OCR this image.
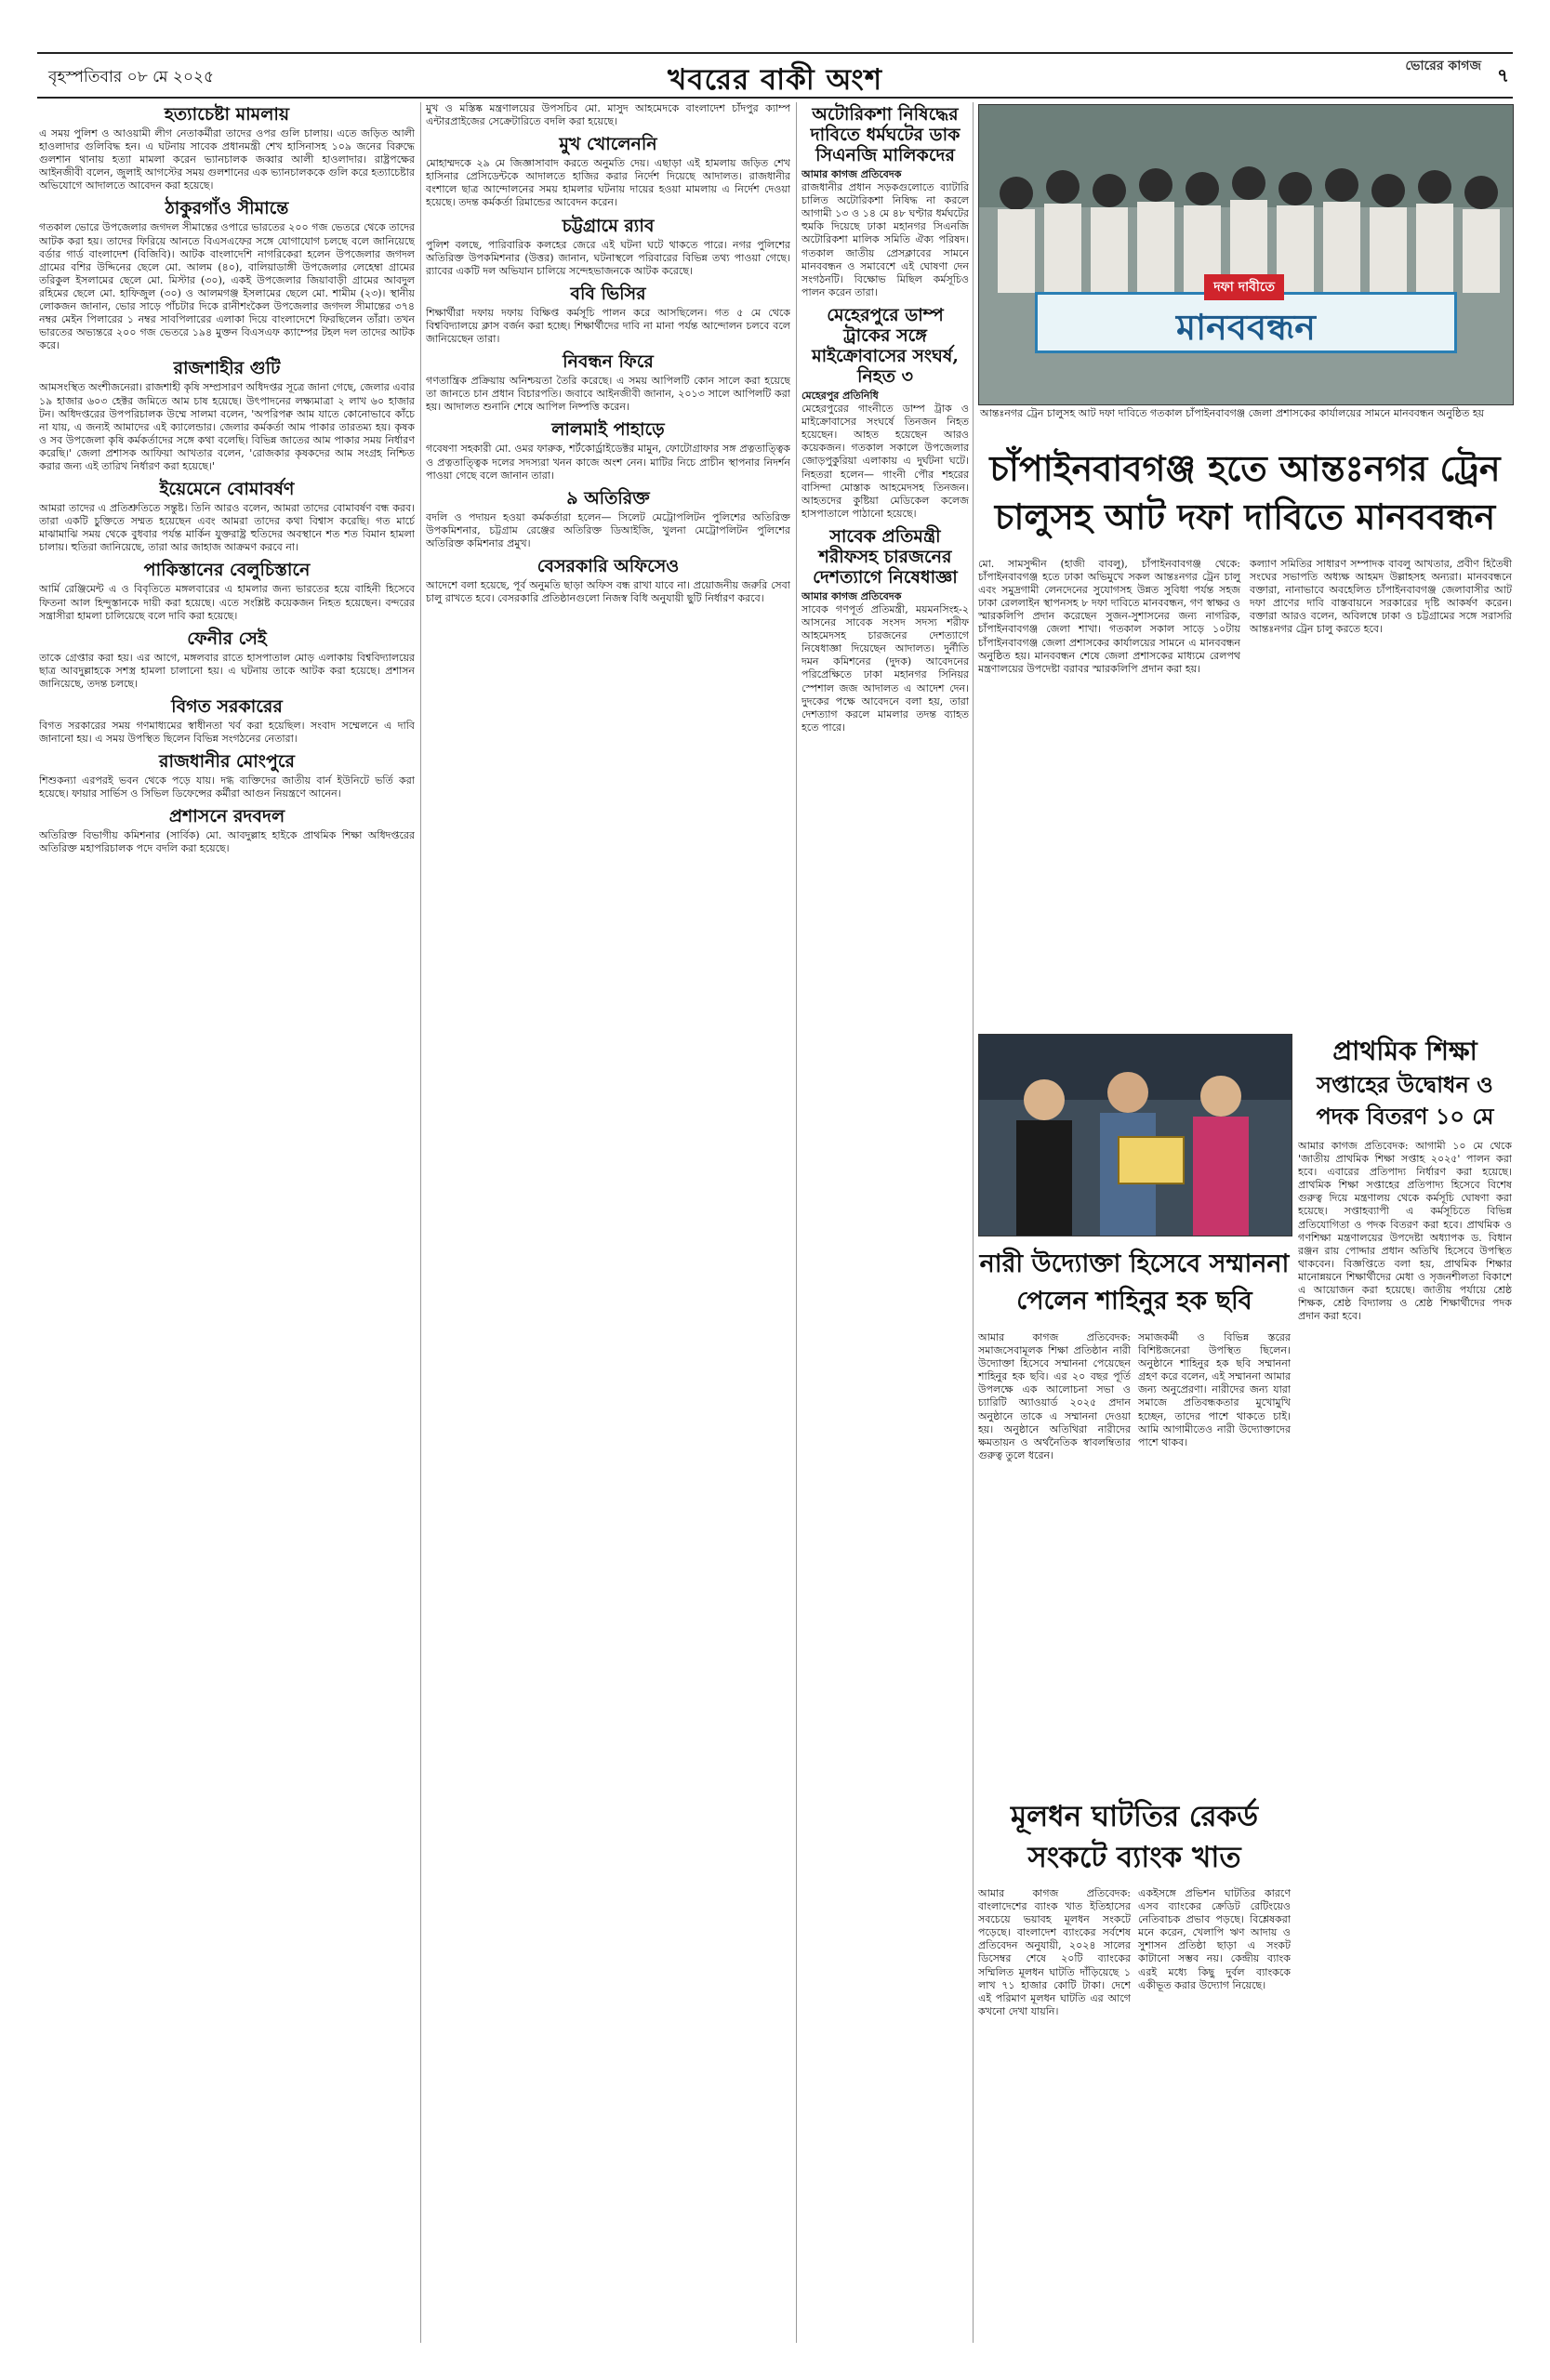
বৃহস্পতিবার ০৮ মে ২০২৫	খবরের বাকী অংশ	ভোরের কাগজ ৭
হত্যাচেষ্টা মামলায়

এ সময় পুলিশ ও আওয়ামী লীগ নেতাকর্মীরা তাদের ওপর গুলি চালায়। এতে জড়িত আলী হাওলাদার গুলিবিদ্ধ হন। এ ঘটনায় সাবেক প্রধানমন্ত্রী শেখ হাসিনাসহ ১০৯ জনের বিরুদ্ধে গুলশান থানায় হত্যা মামলা করেন ভ্যানচালক জব্বার আলী হাওলাদার। রাষ্ট্রপক্ষের আইনজীবী বলেন, জুলাই আগস্টের সময় গুলশানের এক ভ্যানচালককে গুলি করে হত্যাচেষ্টার অভিযোগে আদালতে আবেদন করা হয়েছে।

ঠাকুরগাঁও সীমান্তে

গতকাল ভোরে উপজেলার জগদল সীমান্তের ওপারে ভারতের ২০০ গজ ভেতরে থেকে তাদের আটক করা হয়। তাদের ফিরিয়ে আনতে বিএসএফের সঙ্গে যোগাযোগ চলছে বলে জানিয়েছে বর্ডার গার্ড বাংলাদেশ (বিজিবি)। আটক বাংলাদেশি নাগরিকেরা হলেন উপজেলার জগদল গ্রামের বশির উদ্দিনের ছেলে মো. আলম (৪০), বালিয়াডাঙ্গী উপজেলার লেহেম্বা গ্রামের তরিকুল ইসলামের ছেলে মো. মিস্টার (৩০), একই উপজেলার জিয়াবাড়ী গ্রামের আবদুল রহিমের ছেলে মো. হাফিজুল (৩০) ও আলমগঞ্জ ইসলামের ছেলে মো. শামীম (২৩)। স্থানীয় লোকজন জানান, ভোর সাড়ে পাঁচটার দিকে রানীশংকৈল উপজেলার জগদল সীমান্তের ৩৭৪ নম্বর মেইন পিলারের ১ নম্বর সাবপিলারের এলাকা দিয়ে বাংলাদেশে ফিরছিলেন তাঁরা। তখন ভারতের অভ্যন্তরে ২০০ গজ ভেতরে ১৯৪ মুক্তন বিএসএফ ক্যাম্পের টহল দল তাদের আটক করে।

রাজশাহীর গুটি

আমসংস্থিত অংশীজনেরা। রাজশাহী কৃষি সম্প্রসারণ অধিদপ্তর সূত্রে জানা গেছে, জেলার এবার ১৯ হাজার ৬০৩ হেক্টর জমিতে আম চাষ হয়েছে। উৎপাদনের লক্ষ্যমাত্রা ২ লাখ ৬০ হাজার টন। অধিদপ্তরের উপপরিচালক উম্মে সালমা বলেন, 'অপরিপক্ব আম যাতে কোনোভাবে কাঁচে না যায়, এ জন্যই আমাদের এই ক্যালেন্ডার। জেলার কর্মকর্তা আম পাকার তারতম্য হয়। কৃষক ও সব উপজেলা কৃষি কর্মকর্তাদের সঙ্গে কথা বলেছি। বিভিন্ন জাতের আম পাকার সময় নির্ধারণ করেছি।' জেলা প্রশাসক আফিয়া আখতার বলেন, 'রোজকার কৃষকদের আম সংগ্রহ নিশ্চিত করার জন্য এই তারিখ নির্ধারণ করা হয়েছে।'

ইয়েমেনে বোমাবর্ষণ

আমরা তাদের এ প্রতিশ্রুতিতে সন্তুষ্ট। তিনি আরও বলেন, আমরা তাদের বোমাবর্ষণ বন্ধ করব। তারা একটি চুক্তিতে সম্মত হয়েছেন এবং আমরা তাদের কথা বিশ্বাস করেছি। গত মার্চে মাঝামাঝি সময় থেকে বুধবার পর্যন্ত মার্কিন যুক্তরাষ্ট্র হুতিদের অবস্থানে শত শত বিমান হামলা চালায়। হুতিরা জানিয়েছে, তারা আর জাহাজ আক্রমণ করবে না।

পাকিস্তানের বেলুচিস্তানে

আর্মি রেঞ্জিমেন্ট এ ও বিবৃতিতে মঙ্গলবারের এ হামলার জন্য ভারতের হয়ে বাহিনী হিসেবে ফিতনা আল হিন্দুস্তানকে দায়ী করা হয়েছে। এতে সংশ্লিষ্ট কয়েকজন নিহত হয়েছেন। বন্দরের সন্ত্রাসীরা হামলা চালিয়েছে বলে দাবি করা হয়েছে।

ফেনীর সেই

তাকে গ্রেপ্তার করা হয়। এর আগে, মঙ্গলবার রাতে হাসপাতাল মোড় এলাকায় বিশ্ববিদ্যালয়ের ছাত্র আবদুল্লাহকে সশস্ত্র হামলা চালানো হয়। এ ঘটনায় তাকে আটক করা হয়েছে। প্রশাসন জানিয়েছে, তদন্ত চলছে।

বিগত সরকারের

বিগত সরকারের সময় গণমাধ্যমের স্বাধীনতা খর্ব করা হয়েছিল। সংবাদ সম্মেলনে এ দাবি জানানো হয়। এ সময় উপস্থিত ছিলেন বিভিন্ন সংগঠনের নেতারা।

রাজধানীর মোংপুরে

শিশুকন্যা এরপরই ভবন থেকে পড়ে যায়। দগ্ধ ব্যক্তিদের জাতীয় বার্ন ইউনিটে ভর্তি করা হয়েছে। ফায়ার সার্ভিস ও সিভিল ডিফেন্সের কর্মীরা আগুন নিয়ন্ত্রণে আনেন।

প্রশাসনে রদবদল

অতিরিক্ত বিভাগীয় কমিশনার (সার্বিক) মো. আবদুল্লাহ হাইকে প্রাথমিক শিক্ষা অধিদপ্তরের অতিরিক্ত মহাপরিচালক পদে বদলি করা হয়েছে।

মুখ ও মস্তিষ্ক মন্ত্রণালয়ের উপসচিব মো. মাসুদ আহমেদকে বাংলাদেশ চাঁদপুর ক্যাম্প এন্টারপ্রাইজের সেক্রেটারিতে বদলি করা হয়েছে।

মুখ খোলেননি

মোহাম্মদকে ২৯ মে জিজ্ঞাসাবাদ করতে অনুমতি দেয়। এছাড়া এই হামলায় জড়িত শেখ হাসিনার প্রেসিডেন্টকে আদালতে হাজির করার নির্দেশ দিয়েছে আদালত। রাজধানীর বংশালে ছাত্র আন্দোলনের সময় হামলার ঘটনায় দায়ের হওয়া মামলায় এ নির্দেশ দেওয়া হয়েছে। তদন্ত কর্মকর্তা রিমান্ডের আবেদন করেন।

চট্টগ্রামে র‍্যাব

পুলিশ বলছে, পারিবারিক কলহের জেরে এই ঘটনা ঘটে থাকতে পারে। নগর পুলিশের অতিরিক্ত উপকমিশনার (উত্তর) জানান, ঘটনাস্থলে পরিবারের বিভিন্ন তথ্য পাওয়া গেছে। র‍্যাবের একটি দল অভিযান চালিয়ে সন্দেহভাজনকে আটক করেছে।

ববি ভিসির

শিক্ষার্থীরা দফায় দফায় বিক্ষিপ্ত কর্মসূচি পালন করে আসছিলেন। গত ৫ মে থেকে বিশ্ববিদ্যালয়ে ক্লাস বর্জন করা হচ্ছে। শিক্ষার্থীদের দাবি না মানা পর্যন্ত আন্দোলন চলবে বলে জানিয়েছেন তারা।

নিবন্ধন ফিরে

গণতান্ত্রিক প্রক্রিয়ায় অনিশ্চয়তা তৈরি করেছে। এ সময় আপিলটি কোন সালে করা হয়েছে তা জানতে চান প্রধান বিচারপতি। জবাবে আইনজীবী জানান, ২০১৩ সালে আপিলটি করা হয়। আদালত শুনানি শেষে আপিল নিষ্পত্তি করেন।

লালমাই পাহাড়ে

গবেষণা সহকারী মো. ওমর ফারুক, শর্টকোর্ড্রাইডেক্টর মামুন, ফোটোগ্রাফার সঙ্গ প্রত্নতাত্ত্বিক ও প্রত্নতাত্ত্বিক দলের সদস্যরা খনন কাজে অংশ নেন। মাটির নিচে প্রাচীন স্থাপনার নিদর্শন পাওয়া গেছে বলে জানান তারা।

৯ অতিরিক্ত

বদলি ও পদায়ন হওয়া কর্মকর্তারা হলেন— সিলেট মেট্রোপলিটন পুলিশের অতিরিক্ত উপকমিশনার, চট্টগ্রাম রেঞ্জের অতিরিক্ত ডিআইজি, খুলনা মেট্রোপলিটন পুলিশের অতিরিক্ত কমিশনার প্রমুখ।

বেসরকারি অফিসেও

আদেশে বলা হয়েছে, পূর্ব অনুমতি ছাড়া অফিস বন্ধ রাখা যাবে না। প্রয়োজনীয় জরুরি সেবা চালু রাখতে হবে। বেসরকারি প্রতিষ্ঠানগুলো নিজস্ব বিধি অনুযায়ী ছুটি নির্ধারণ করবে।

অটোরিকশা নিষিদ্ধের দাবিতে ধর্মঘটের ডাক সিএনজি মালিকদের

আমার কাগজ প্রতিবেদক

রাজধানীর প্রধান সড়কগুলোতে ব্যাটারি চালিত অটোরিকশা নিষিদ্ধ না করলে আগামী ১৩ ও ১৪ মে ৪৮ ঘণ্টার ধর্মঘটের হুমকি দিয়েছে ঢাকা মহানগর সিএনজি অটোরিকশা মালিক সমিতি ঐক্য পরিষদ। গতকাল জাতীয় প্রেসক্লাবের সামনে মানববন্ধন ও সমাবেশে এই ঘোষণা দেন সংগঠনটি। বিক্ষোভ মিছিল কর্মসূচিও পালন করেন তারা।

মেহেরপুরে ডাম্প ট্রাকের সঙ্গে মাইক্রোবাসের সংঘর্ষ, নিহত ৩

মেহেরপুর প্রতিনিধি

মেহেরপুরের গাংনীতে ডাম্প ট্রাক ও মাইক্রোবাসের সংঘর্ষে তিনজন নিহত হয়েছেন। আহত হয়েছেন আরও কয়েকজন। গতকাল সকালে উপজেলার জোড়পুকুরিয়া এলাকায় এ দুর্ঘটনা ঘটে। নিহতরা হলেন— গাংনী পৌর শহরের বাসিন্দা মোস্তাক আহমেদসহ তিনজন। আহতদের কুষ্টিয়া মেডিকেল কলেজ হাসপাতালে পাঠানো হয়েছে।

সাবেক প্রতিমন্ত্রী শরীফসহ চারজনের দেশত্যাগে নিষেধাজ্ঞা

আমার কাগজ প্রতিবেদক

সাবেক গণপূর্ত প্রতিমন্ত্রী, ময়মনসিংহ-২ আসনের সাবেক সংসদ সদস্য শরীফ আহমেদসহ চারজনের দেশত্যাগে নিষেধাজ্ঞা দিয়েছেন আদালত। দুর্নীতি দমন কমিশনের (দুদক) আবেদনের পরিপ্রেক্ষিতে ঢাকা মহানগর সিনিয়র স্পেশাল জজ আদালত এ আদেশ দেন। দুদকের পক্ষে আবেদনে বলা হয়, তারা দেশত্যাগ করলে মামলার তদন্ত ব্যাহত হতে পারে।

দফা দাবীতে
মানববন্ধন
আন্তঃনগর ট্রেন চালুসহ আট দফা দাবিতে গতকাল চাঁপাইনবাবগঞ্জ জেলা প্রশাসকের কার্যালয়ের সামনে মানববন্ধন অনুষ্ঠিত হয়
চাঁপাইনবাবগঞ্জ হতে আন্তঃনগর ট্রেন
চালুসহ আট দফা দাবিতে মানববন্ধন
মো. সামসুদ্দীন (হাজী বাবলু), চাঁপাইনবাবগঞ্জ থেকে: চাঁপাইনবাবগঞ্জ হতে ঢাকা অভিমুখে সকল আন্তঃনগর ট্রেন চালু এবং সমুদ্রগামী লেনদেনের সুযোগসহ উন্নত সুবিধা পর্যন্ত সহজ ঢাকা রেললাইন স্থাপনসহ ৮ দফা দাবিতে মানববন্ধন, গণ স্বাক্ষর ও স্মারকলিপি প্রদান করেছেন সুজন-সুশাসনের জন্য নাগরিক, চাঁপাইনবাবগঞ্জ জেলা শাখা। গতকাল সকাল সাড়ে ১০টায় চাঁপাইনবাবগঞ্জ জেলা প্রশাসকের কার্যালয়ের সামনে এ মানববন্ধন অনুষ্ঠিত হয়। মানববন্ধন শেষে জেলা প্রশাসকের মাধ্যমে রেলপথ মন্ত্রণালয়ের উপদেষ্টা বরাবর স্মারকলিপি প্রদান করা হয়।
কল্যাণ সমিতির সাধারণ সম্পাদক বাবলু আখতার, প্রবীণ হিতৈষী সংঘের সভাপতি অধ্যক্ষ আহমদ উল্লাহসহ অন্যরা। মানববন্ধনে বক্তারা, নানাভাবে অবহেলিত চাঁপাইনবাবগঞ্জ জেলাবাসীর আট দফা প্রাণের দাবি বাস্তবায়নে সরকারের দৃষ্টি আকর্ষণ করেন। বক্তারা আরও বলেন, অবিলম্বে ঢাকা ও চট্টগ্রামের সঙ্গে সরাসরি আন্তঃনগর ট্রেন চালু করতে হবে।
প্রাথমিক শিক্ষা
সপ্তাহের উদ্বোধন ও
পদক বিতরণ ১০ মে
আমার কাগজ প্রতিবেদক: আগামী ১০ মে থেকে 'জাতীয় প্রাথমিক শিক্ষা সপ্তাহ ২০২৫' পালন করা হবে। এবারের প্রতিপাদ্য নির্ধারণ করা হয়েছে। প্রাথমিক শিক্ষা সপ্তাহের প্রতিপাদ্য হিসেবে বিশেষ গুরুত্ব দিয়ে মন্ত্রণালয় থেকে কর্মসূচি ঘোষণা করা হয়েছে। সপ্তাহব্যাপী এ কর্মসূচিতে বিভিন্ন প্রতিযোগিতা ও পদক বিতরণ করা হবে। প্রাথমিক ও গণশিক্ষা মন্ত্রণালয়ের উপদেষ্টা অধ্যাপক ড. বিধান রঞ্জন রায় পোদ্দার প্রধান অতিথি হিসেবে উপস্থিত থাকবেন। বিজ্ঞপ্তিতে বলা হয়, প্রাথমিক শিক্ষার মানোন্নয়নে শিক্ষার্থীদের মেধা ও সৃজনশীলতা বিকাশে এ আয়োজন করা হয়েছে। জাতীয় পর্যায়ে শ্রেষ্ঠ শিক্ষক, শ্রেষ্ঠ বিদ্যালয় ও শ্রেষ্ঠ শিক্ষার্থীদের পদক প্রদান করা হবে।
নারী উদ্যোক্তা হিসেবে সম্মাননা
পেলেন শাহিনুর হক ছবি
আমার কাগজ প্রতিবেদক: সমাজসেবামূলক শিক্ষা প্রতিষ্ঠান নারী উদ্যোক্তা হিসেবে সম্মাননা পেয়েছেন শাহিনুর হক ছবি। এর ২০ বছর পূর্তি উপলক্ষে এক আলোচনা সভা ও চ্যারিটি অ্যাওয়ার্ড ২০২৫ প্রদান অনুষ্ঠানে তাকে এ সম্মাননা দেওয়া হয়। অনুষ্ঠানে অতিথিরা নারীদের ক্ষমতায়ন ও অর্থনৈতিক স্বাবলম্বিতার গুরুত্ব তুলে ধরেন।
সমাজকর্মী ও বিভিন্ন স্তরের বিশিষ্টজনেরা উপস্থিত ছিলেন। অনুষ্ঠানে শাহিনুর হক ছবি সম্মাননা গ্রহণ করে বলেন, এই সম্মাননা আমার জন্য অনুপ্রেরণা। নারীদের জন্য যারা সমাজে প্রতিবন্ধকতার মুখোমুখি হচ্ছেন, তাদের পাশে থাকতে চাই। আমি আগামীতেও নারী উদ্যোক্তাদের পাশে থাকব।
মূলধন ঘাটতির রেকর্ড
সংকটে ব্যাংক খাত
আমার কাগজ প্রতিবেদক: বাংলাদেশের ব্যাংক খাত ইতিহাসের সবচেয়ে ভয়াবহ মূলধন সংকটে পড়েছে। বাংলাদেশ ব্যাংকের সর্বশেষ প্রতিবেদন অনুযায়ী, ২০২৪ সালের ডিসেম্বর শেষে ২০টি ব্যাংকের সম্মিলিত মূলধন ঘাটতি দাঁড়িয়েছে ১ লাখ ৭১ হাজার কোটি টাকা। দেশে এই পরিমাণ মূলধন ঘাটতি এর আগে কখনো দেখা যায়নি।
একইসঙ্গে প্রভিশন ঘাটতির কারণে এসব ব্যাংকের ক্রেডিট রেটিংয়েও নেতিবাচক প্রভাব পড়ছে। বিশ্লেষকরা মনে করেন, খেলাপি ঋণ আদায় ও সুশাসন প্রতিষ্ঠা ছাড়া এ সংকট কাটানো সম্ভব নয়। কেন্দ্রীয় ব্যাংক এরই মধ্যে কিছু দুর্বল ব্যাংককে একীভূত করার উদ্যোগ নিয়েছে।
